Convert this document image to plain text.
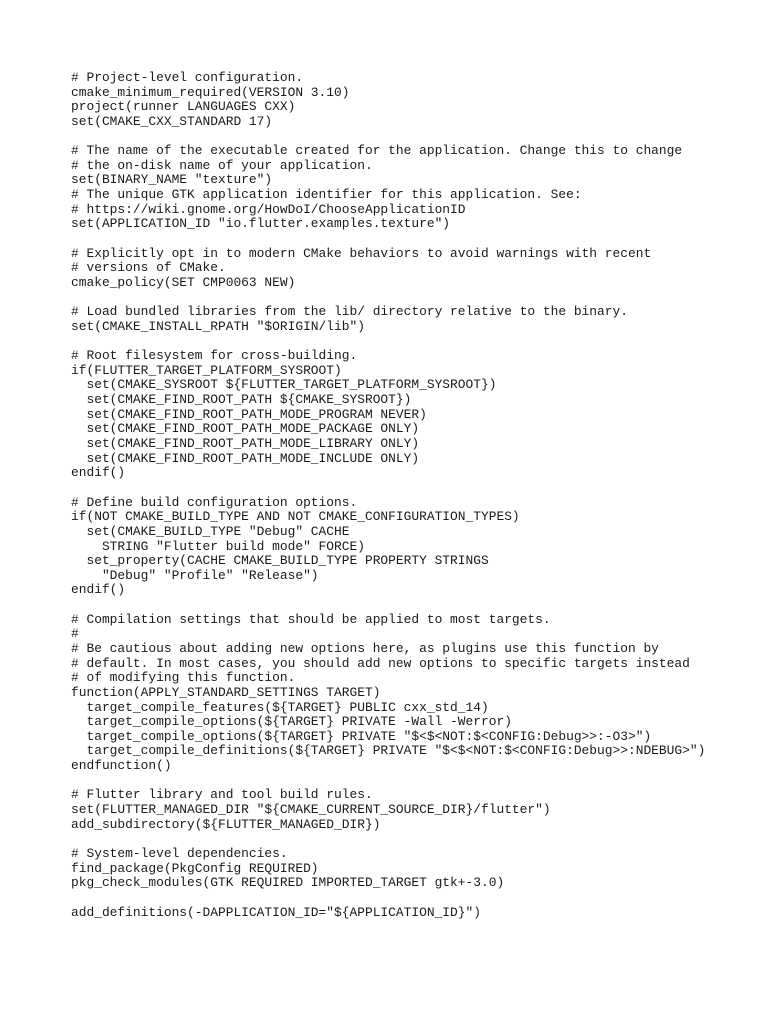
# Project-level configuration.
cmake_minimum_required(VERSION 3.10)
project(runner LANGUAGES CXX)
set(CMAKE_CXX_STANDARD 17)
# The name of the executable created for the application. Change this to change
# the on-disk name of your application.
set(BINARY_NAME "texture")
# The unique GTK application identifier for this application. See:
# https://wiki.gnome.org/HowDoI/ChooseApplicationID
set(APPLICATION_ID "io.flutter.examples.texture")
# Explicitly opt in to modern CMake behaviors to avoid warnings with recent
# versions of CMake.
cmake_policy(SET CMP0063 NEW)
# Load bundled libraries from the lib/ directory relative to the binary.
set(CMAKE_INSTALL_RPATH "$ORIGIN/lib")
# Root filesystem for cross-building.
if(FLUTTER_TARGET_PLATFORM_SYSROOT)
set(CMAKE_SYSROOT ${FLUTTER_TARGET_PLATFORM_SYSROOT})
set(CMAKE_FIND_ROOT_PATH ${CMAKE_SYSROOT})
set(CMAKE_FIND_ROOT_PATH_MODE_PROGRAM NEVER)
set(CMAKE_FIND_ROOT_PATH_MODE_PACKAGE ONLY)
set(CMAKE_FIND_ROOT_PATH_MODE_LIBRARY ONLY)
set(CMAKE_FIND_ROOT_PATH_MODE_INCLUDE ONLY)
endif()
# Define build configuration options.
if(NOT CMAKE_BUILD_TYPE AND NOT CMAKE_CONFIGURATION_TYPES)
set(CMAKE_BUILD_TYPE "Debug" CACHE
STRING "Flutter build mode" FORCE)
set_property(CACHE CMAKE_BUILD_TYPE PROPERTY STRINGS
"Debug" "Profile" "Release")
endif()
# Compilation settings that should be applied to most targets.
#
# Be cautious about adding new options here, as plugins use this function by
# default. In most cases, you should add new options to specific targets instead
# of modifying this function.
function(APPLY_STANDARD_SETTINGS TARGET)
target_compile_features(${TARGET} PUBLIC cxx_std_14)
target_compile_options(${TARGET} PRIVATE -Wall -Werror)
target_compile_options(${TARGET} PRIVATE "$<$<NOT:$<CONFIG:Debug>>:-O3>")
target_compile_definitions(${TARGET} PRIVATE "$<$<NOT:$<CONFIG:Debug>>:NDEBUG>")
endfunction()
# Flutter library and tool build rules.
set(FLUTTER_MANAGED_DIR "${CMAKE_CURRENT_SOURCE_DIR}/flutter")
add_subdirectory(${FLUTTER_MANAGED_DIR})
# System-level dependencies.
find_package(PkgConfig REQUIRED)
pkg_check_modules(GTK REQUIRED IMPORTED_TARGET gtk+-3.0)
add_definitions(-DAPPLICATION_ID="${APPLICATION_ID}")
